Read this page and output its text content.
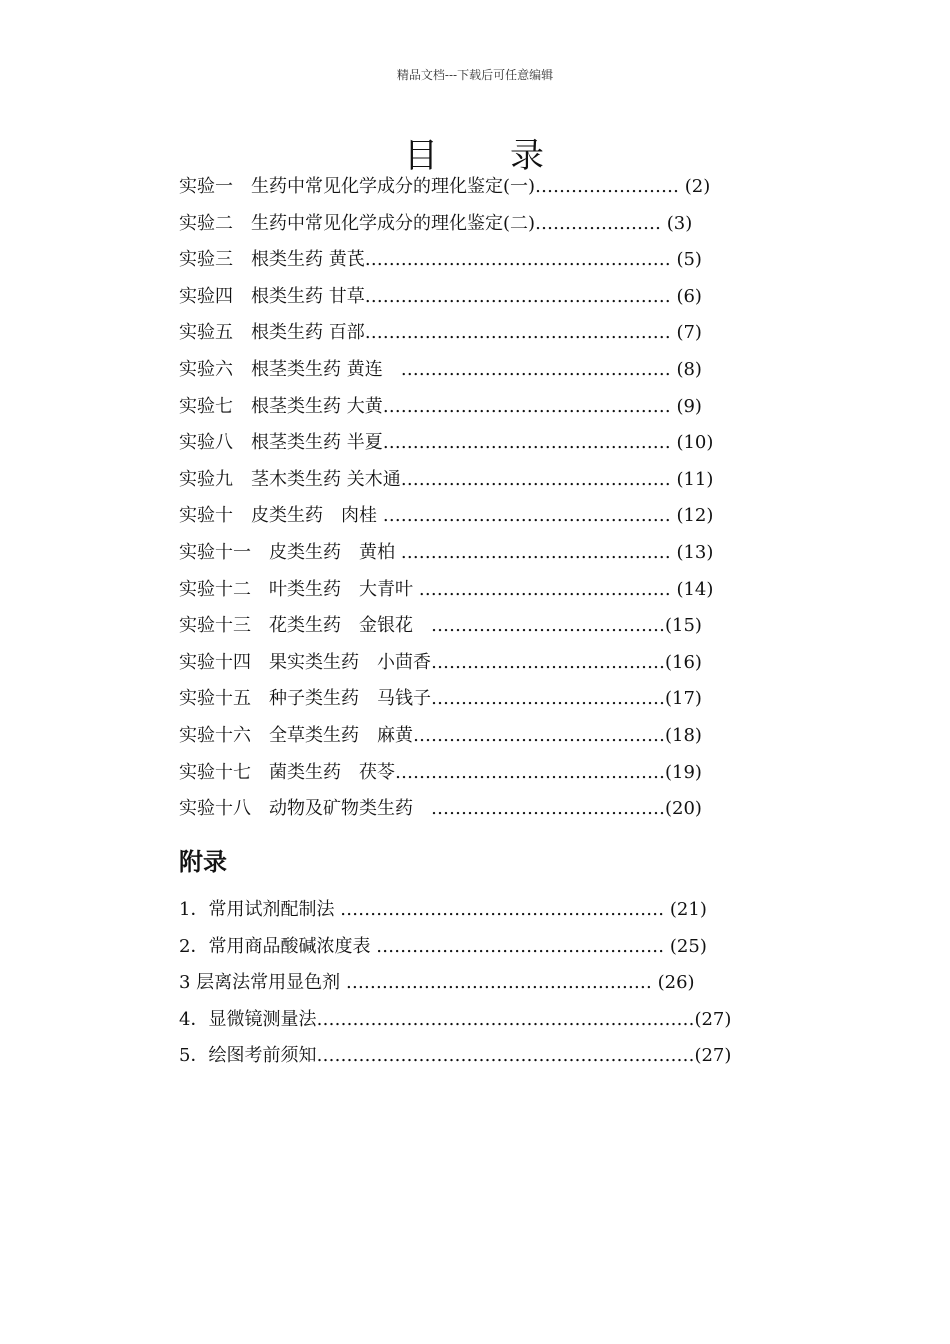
精品文档---下载后可任意编辑
目 录
实验一　生药中常见化学成分的理化鉴定(一)…………………… (2)
实验二　生药中常见化学成分的理化鉴定(二)………………… (3)
实验三　根类生药 黄芪…………………………………………… (5)
实验四　根类生药 甘草…………………………………………… (6)
实验五　根类生药 百部…………………………………………… (7)
实验六　根茎类生药 黄连　……………………………………… (8)
实验七　根茎类生药 大黄………………………………………… (9)
实验八　根茎类生药 半夏………………………………………… (10)
实验九　茎木类生药 关木通……………………………………… (11)
实验十　皮类生药　肉桂 ………………………………………… (12)
实验十一　皮类生药　黄柏 ……………………………………… (13)
实验十二　叶类生药　大青叶 …………………………………… (14)
实验十三　花类生药　金银花　…………………………………(15)
实验十四　果实类生药　小茴香…………………………………(16)
实验十五　种子类生药　马钱子…………………………………(17)
实验十六　全草类生药　麻黄……………………………………(18)
实验十七　菌类生药　茯苓………………………………………(19)
实验十八　动物及矿物类生药　…………………………………(20)
附录
1．常用试剂配制法 ……………………………………………… (21)
2．常用商品酸碱浓度表 ………………………………………… (25)
3 层离法常用显色剂 …………………………………………… (26)
4．显微镜测量法………………………………………………………(27)
5．绘图考前须知………………………………………………………(27)
